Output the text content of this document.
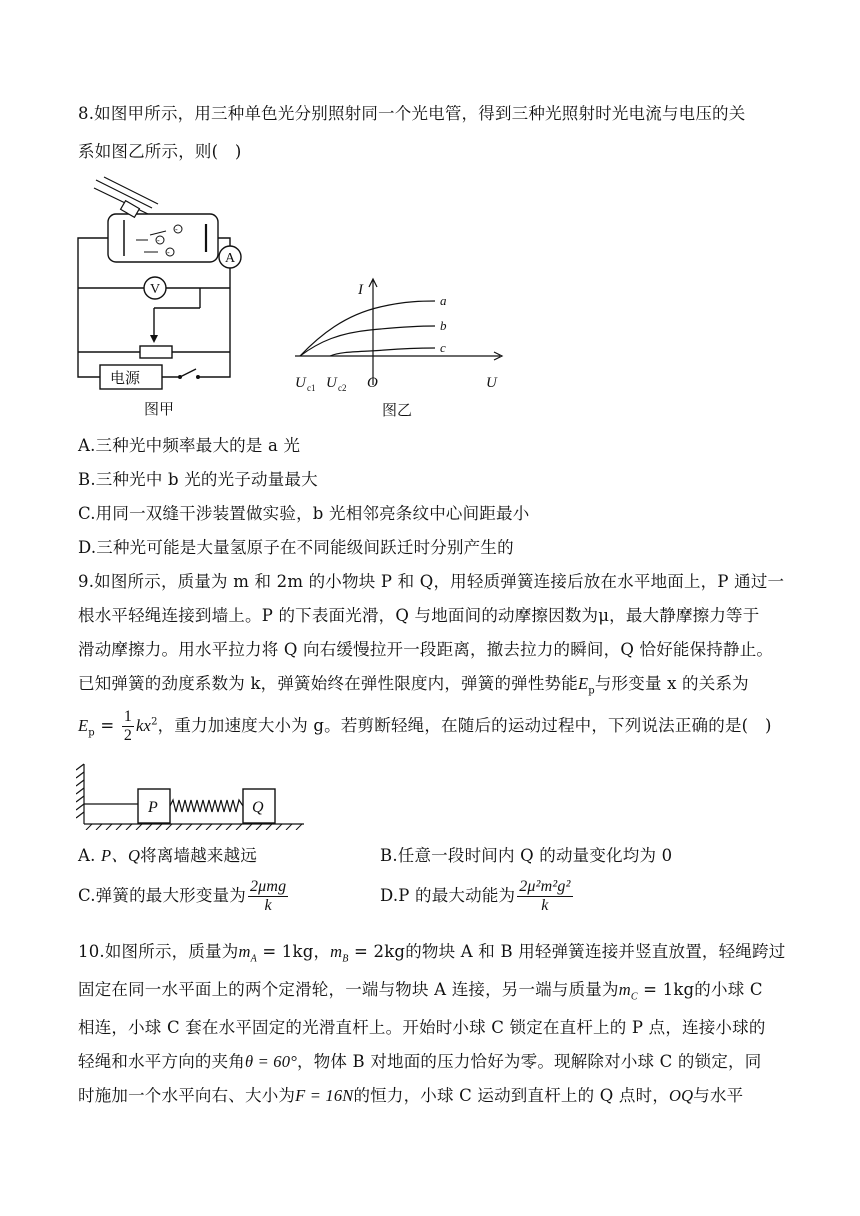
8.如图甲所示，用三种单色光分别照射同一个光电管，得到三种光照射时光电流与电压的关
系如图乙所示，则(　)
-
-
-	A
V
电源
图甲
I
U
O
a
b
c
U c1 U c2
图乙
A.三种光中频率最大的是 a 光
B.三种光中 b 光的光子动量最大
C.用同一双缝干涉装置做实验，b 光相邻亮条纹中心间距最小
D.三种光可能是大量氢原子在不同能级间跃迁时分别产生的
9.如图所示，质量为 m 和 2m 的小物块 P 和 Q，用轻质弹簧连接后放在水平地面上，P 通过一
根水平轻绳连接到墙上。P 的下表面光滑，Q 与地面间的动摩擦因数为μ，最大静摩擦力等于
滑动摩擦力。用水平拉力将 Q 向右缓慢拉开一段距离，撤去拉力的瞬间，Q 恰好能保持静止。
已知弹簧的劲度系数为 k，弹簧始终在弹性限度内，弹簧的弹性势能$E_p$与形变量 x 的关系为
$E_p = \frac{1}{2} kx^2$，重力加速度大小为 g。若剪断轻绳，在随后的运动过程中，下列说法正确的是(　)
P	Q
A. P、Q将离墙越来越远	B.任意一段时间内 Q 的动量变化均为 0
C.弹簧的最大形变量为 $\frac{\text{2μmg}}{k}$	D.P 的最大动能为 $\frac{\text{2μ²m²g²}}{k}$
10.如图所示，质量为$m_A = 1kg$，$m_B = 2kg$的物块 A 和 B 用轻弹簧连接并竖直放置，轻绳跨过
固定在同一水平面上的两个定滑轮，一端与物块 A 连接，另一端与质量为$m_C = 1kg$的小球 C
相连，小球 C 套在水平固定的光滑直杆上。开始时小球 C 锁定在直杆上的 P 点，连接小球的
轻绳和水平方向的夹角θ = 60°，物体 B 对地面的压力恰好为零。现解除对小球 C 的锁定，同
时施加一个水平向右、大小为F = 16N的恒力，小球 C 运动到直杆上的 Q 点时，OQ与水平
